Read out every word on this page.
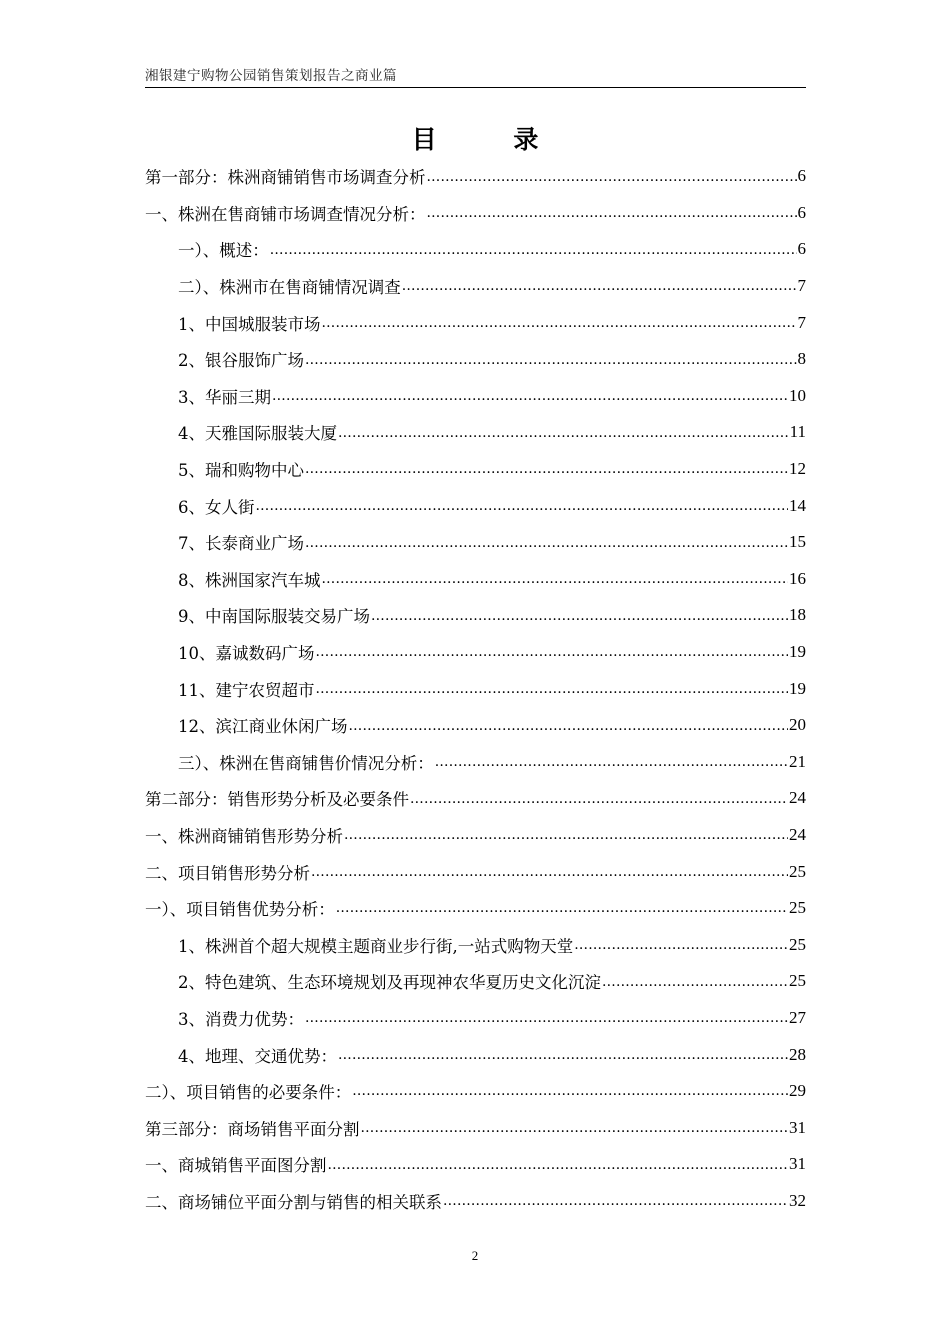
湘银建宁购物公园销售策划报告之商业篇
目 录
第一部分：株洲商铺销售市场调查分析 .....	6
一、株洲在售商铺市场调查情况分析： .....	6
一）、概述： .....	6
二）、株洲市在售商铺情况调查 .....	7
1、中国城服装市场 .....	7
2、银谷服饰广场 .....	8
3、华丽三期 .....	10
4、天雅国际服装大厦 .....	11
5、瑞和购物中心 .....	12
6、女人街 .....	14
7、长泰商业广场 .....	15
8、株洲国家汽车城 .....	16
9、中南国际服装交易广场 .....	18
10、嘉诚数码广场 .....	19
11、建宁农贸超市 .....	19
12、滨江商业休闲广场 .....	20
三）、株洲在售商铺售价情况分析： .....	21
第二部分：销售形势分析及必要条件 .....	24
一、株洲商铺销售形势分析 .....	24
二、项目销售形势分析 .....	25
一）、项目销售优势分析： .....	25
1、株洲首个超大规模主题商业步行街,一站式购物天堂 .....	25
2、特色建筑、生态环境规划及再现神农华夏历史文化沉淀 .....	25
3、消费力优势： .....	27
4、地理、交通优势： .....	28
二）、项目销售的必要条件： .....	29
第三部分：商场销售平面分割 .....	31
一、商城销售平面图分割 .....	31
二、商场铺位平面分割与销售的相关联系 .....	32
2
